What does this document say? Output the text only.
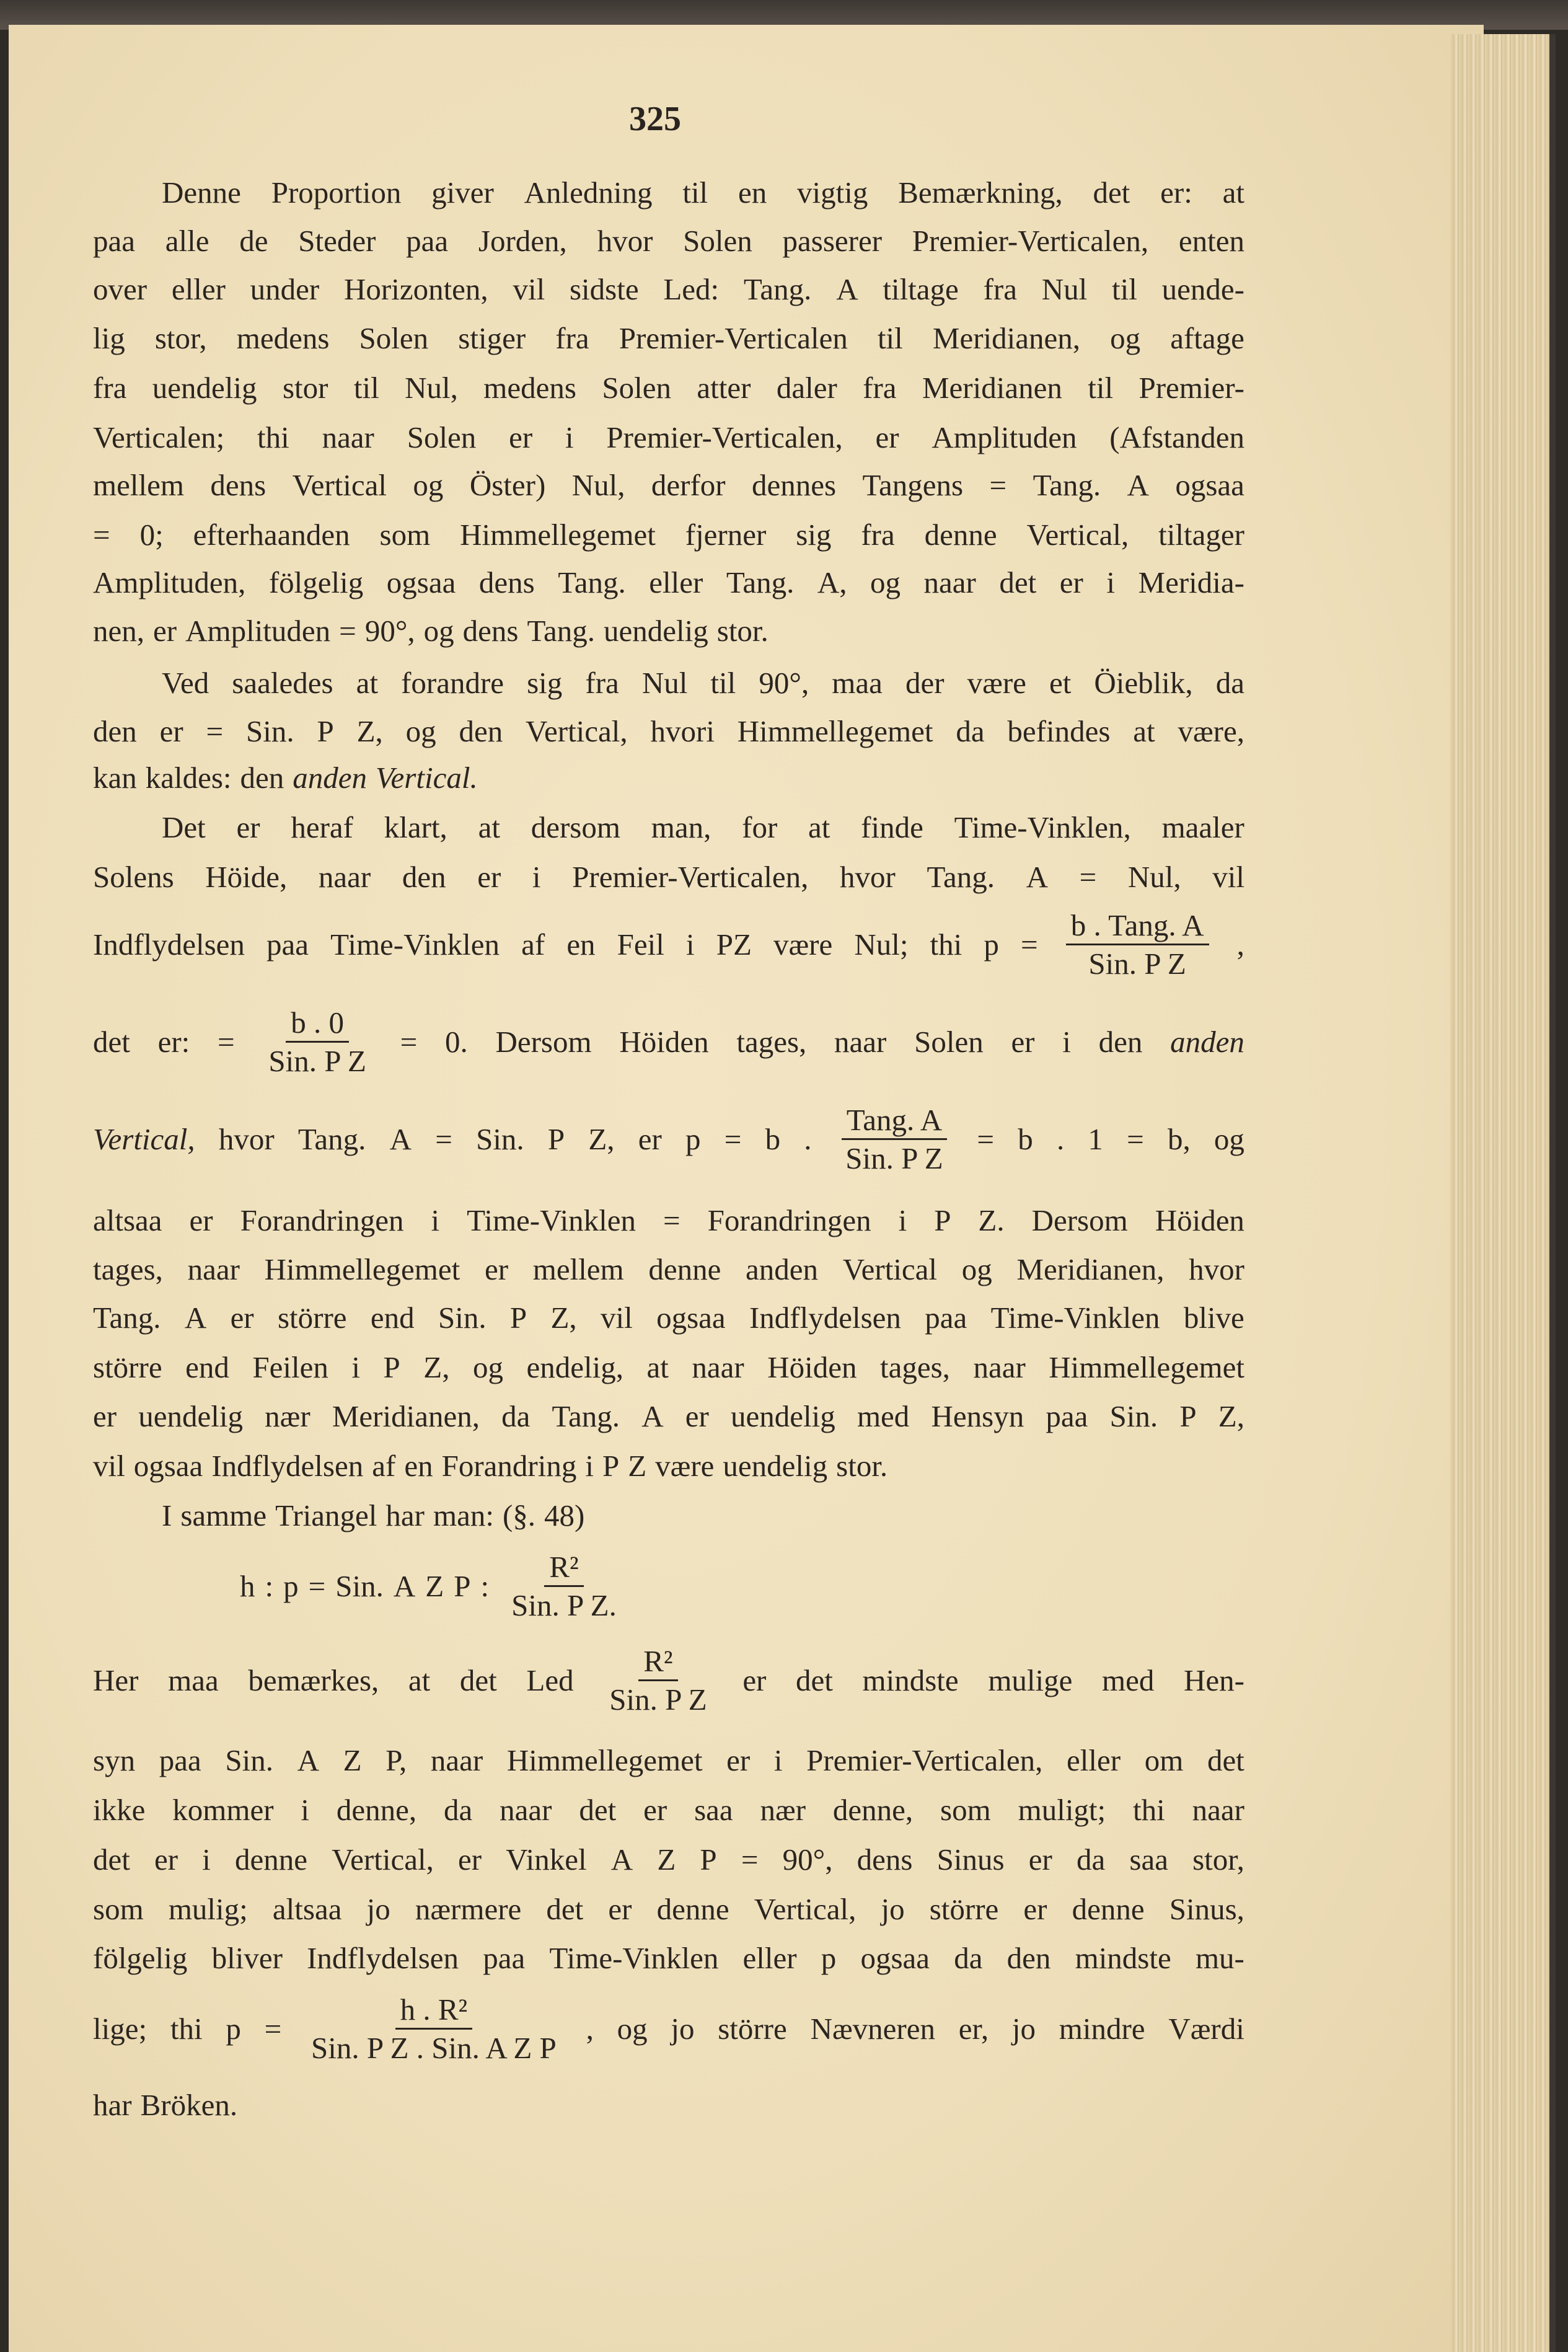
325
Denne Proportion giver Anledning til en vigtig Bemærkning, det er: at
paa alle de Steder paa Jorden, hvor Solen passerer Premier-Verticalen, enten
over eller under Horizonten, vil sidste Led: Tang. A tiltage fra Nul til uende-
lig stor, medens Solen stiger fra Premier-Verticalen til Meridianen, og aftage
fra uendelig stor til Nul, medens Solen atter daler fra Meridianen til Premier-
Verticalen; thi naar Solen er i Premier-Verticalen, er Amplituden (Afstanden
mellem dens Vertical og Öster) Nul, derfor dennes Tangens = Tang. A ogsaa
= 0; efterhaanden som Himmellegemet fjerner sig fra denne Vertical, tiltager
Amplituden, fölgelig ogsaa dens Tang. eller Tang. A, og naar det er i Meridia-
nen, er Amplituden = 90°, og dens Tang. uendelig stor.
Ved saaledes at forandre sig fra Nul til 90°, maa der være et Öieblik, da
den er = Sin. P Z, og den Vertical, hvori Himmellegemet da befindes at være,
kan kaldes: den anden Vertical.
Det er heraf klart, at dersom man, for at finde Time-Vinklen, maaler
Solens Höide, naar den er i Premier-Verticalen, hvor Tang. A = Nul, vil
Indflydelsen paa Time-Vinklen af en Feil i PZ være Nul; thi $p = \frac{\text{b . Tang. A}}{\text{Sin. P Z}}$ ,
det er: = $\frac{b . 0}{\text{Sin. P Z}} = 0$. Dersom Höiden tages, naar Solen er i den anden
Vertical, hvor Tang. A = Sin. P Z, er p = b . $\frac{\text{Tang. A}}{\text{Sin. P Z}} = b$ . 1 = b, og
altsaa er Forandringen i Time-Vinklen = Forandringen i P Z. Dersom Höiden
tages, naar Himmellegemet er mellem denne anden Vertical og Meridianen, hvor
Tang. A er större end Sin. P Z, vil ogsaa Indflydelsen paa Time-Vinklen blive
större end Feilen i P Z, og endelig, at naar Höiden tages, naar Himmellegemet
er uendelig nær Meridianen, da Tang. A er uendelig med Hensyn paa Sin. P Z,
vil ogsaa Indflydelsen af en Forandring i P Z være uendelig stor.
I samme Triangel har man: (§. 48)
h : p = Sin. A Z P : $\frac{\text{R²}}{\text{Sin. P Z.}}$
Her maa bemærkes, at det Led $\frac{\text{R²}}{\text{Sin. P Z}}$ er det mindste mulige med Hen-
syn paa Sin. A Z P, naar Himmellegemet er i Premier-Verticalen, eller om det
ikke kommer i denne, da naar det er saa nær denne, som muligt; thi naar
det er i denne Vertical, er Vinkel A Z P = 90°, dens Sinus er da saa stor,
som mulig; altsaa jo nærmere det er denne Vertical, jo större er denne Sinus,
fölgelig bliver Indflydelsen paa Time-Vinklen eller p ogsaa da den mindste mu-
lige; thi $p = \frac{\text{h . R²}}{\text{Sin. P Z . Sin. A Z P}}$ , og jo större Nævneren er, jo mindre Værdi
har Bröken.
